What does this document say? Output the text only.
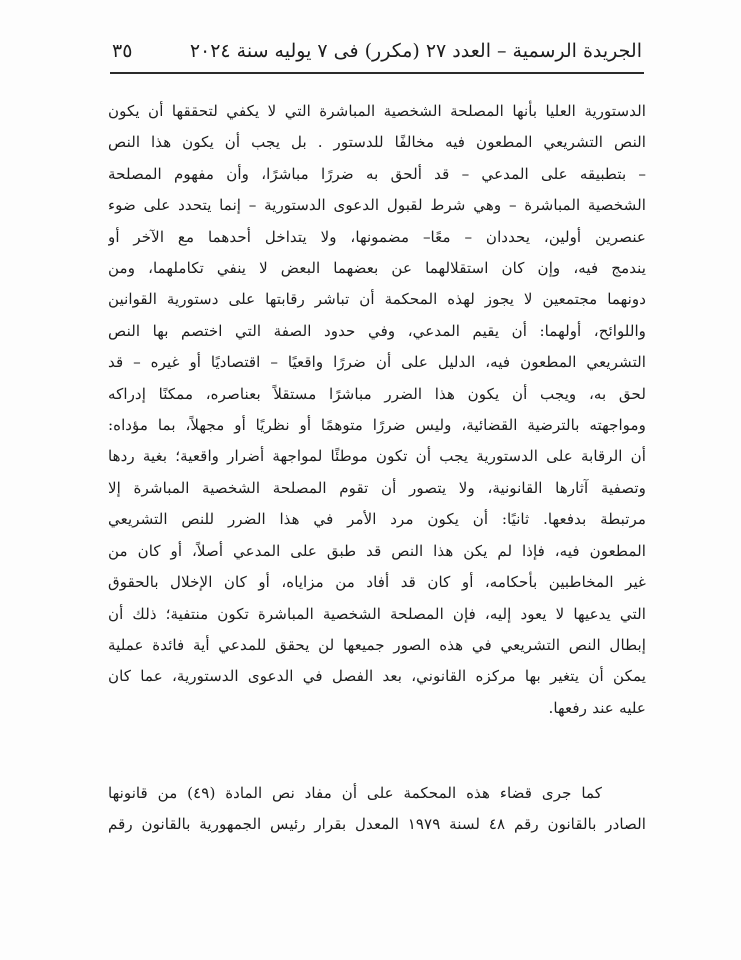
الجريدة الرسمية – العدد ٢٧ (مكرر) فى ٧ يوليه سنة ٢٠٢٤
٣٥
الدستورية العليا بأنها المصلحة الشخصية المباشرة التي لا يكفي لتحققها أن يكون
النص التشريعي المطعون فيه مخالفًا للدستور . بل يجب أن يكون هذا النص
– بتطبيقه على المدعي – قد ألحق به ضررًا مباشرًا، وأن مفهوم المصلحة
الشخصية المباشرة – وهي شرط لقبول الدعوى الدستورية – إنما يتحدد على ضوء
عنصرين أولين، يحددان – معًا– مضمونها، ولا يتداخل أحدهما مع الآخر أو
يندمج فيه، وإن كان استقلالهما عن بعضهما البعض لا ينفي تكاملهما، ومن
دونهما مجتمعين لا يجوز لهذه المحكمة أن تباشر رقابتها على دستورية القوانين
واللوائح، أولهما: أن يقيم المدعي، وفي حدود الصفة التي اختصم بها النص
التشريعي المطعون فيه، الدليل على أن ضررًا واقعيًا – اقتصاديًا أو غيره – قد
لحق به، ويجب أن يكون هذا الضرر مباشرًا مستقلاً بعناصره، ممكنًا إدراكه
ومواجهته بالترضية القضائية، وليس ضررًا متوهمًا أو نظريًا أو مجهلاً، بما مؤداه:
أن الرقابة على الدستورية يجب أن تكون موطئًا لمواجهة أضرار واقعية؛ بغية ردها
وتصفية آثارها القانونية، ولا يتصور أن تقوم المصلحة الشخصية المباشرة إلا
مرتبطة بدفعها. ثانيًا: أن يكون مرد الأمر في هذا الضرر للنص التشريعي
المطعون فيه، فإذا لم يكن هذا النص قد طبق على المدعي أصلاً، أو كان من
غير المخاطبين بأحكامه، أو كان قد أفاد من مزاياه، أو كان الإخلال بالحقوق
التي يدعيها لا يعود إليه، فإن المصلحة الشخصية المباشرة تكون منتفية؛ ذلك أن
إبطال النص التشريعي في هذه الصور جميعها لن يحقق للمدعي أية فائدة عملية
يمكن أن يتغير بها مركزه القانوني، بعد الفصل في الدعوى الدستورية، عما كان
عليه عند رفعها.
كما جرى قضاء هذه المحكمة على أن مفاد نص المادة (٤٩) من قانونها
الصادر بالقانون رقم ٤٨ لسنة ١٩٧٩ المعدل بقرار رئيس الجمهورية بالقانون رقم
